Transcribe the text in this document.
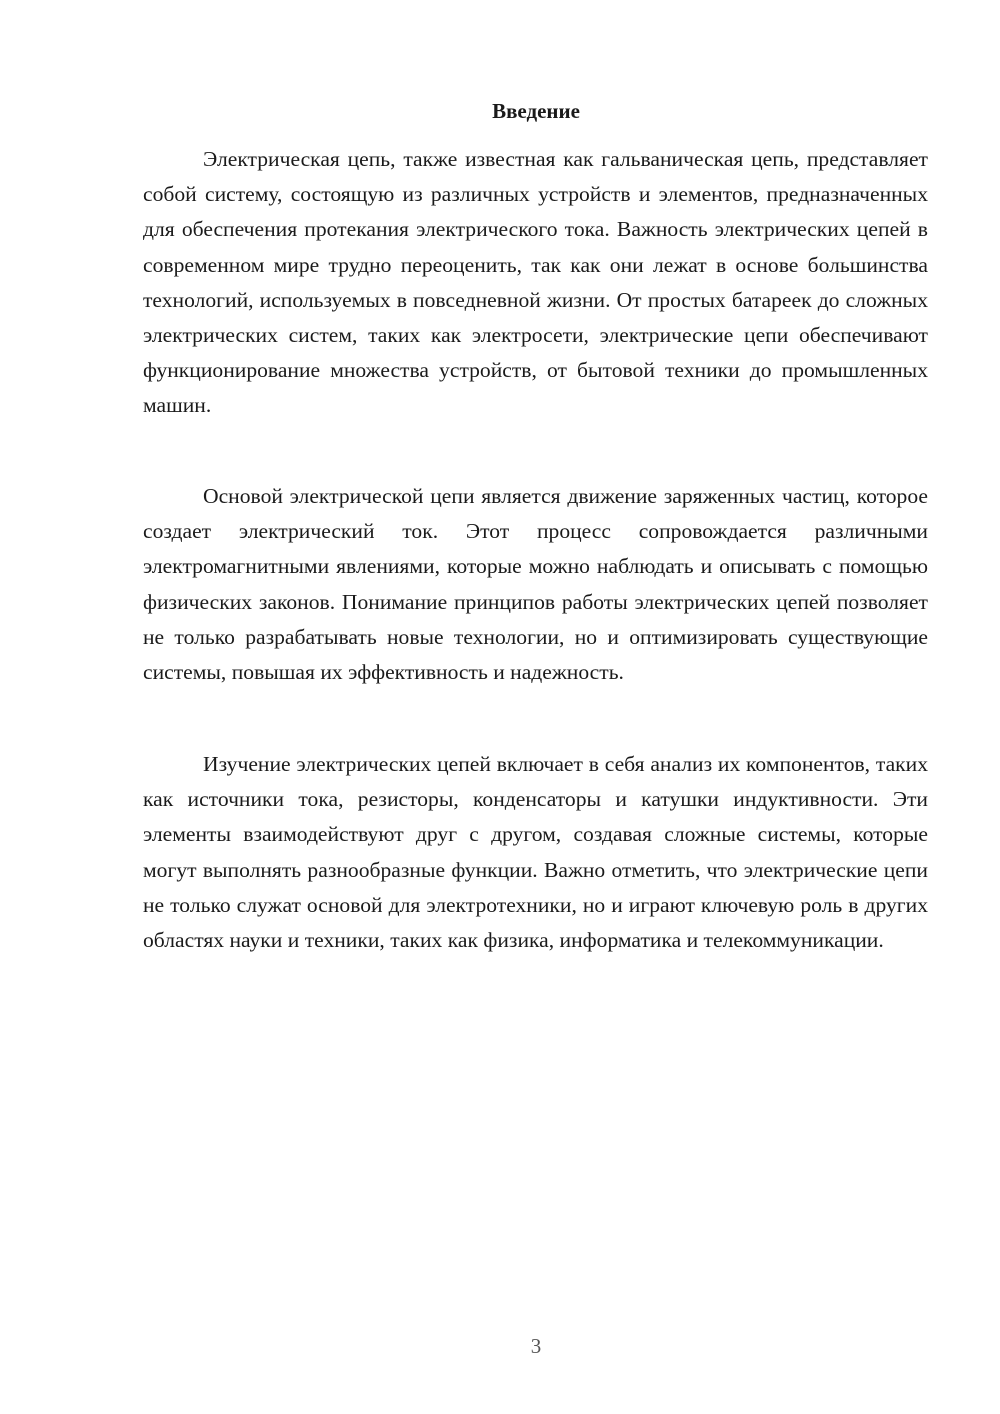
Введение

Электрическая цепь, также известная как гальваническая цепь, представляет собой систему, состоящую из различных устройств и элементов, предназначенных для обеспечения протекания электрического тока. Важность электрических цепей в современном мире трудно переоценить, так как они лежат в основе большинства технологий, используемых в повседневной жизни. От простых батареек до сложных электрических систем, таких как электросети, электрические цепи обеспечивают функционирование множества устройств, от бытовой техники до промышленных машин.

Основой электрической цепи является движение заряженных частиц, которое создает электрический ток. Этот процесс сопровождается различными электромагнитными явлениями, которые можно наблюдать и описывать с помощью физических законов. Понимание принципов работы электрических цепей позволяет не только разрабатывать новые технологии, но и оптимизировать существующие системы, повышая их эффективность и надежность.

Изучение электрических цепей включает в себя анализ их компонентов, таких как источники тока, резисторы, конденсаторы и катушки индуктивности. Эти элементы взаимодействуют друг с другом, создавая сложные системы, которые могут выполнять разнообразные функции. Важно отметить, что электрические цепи не только служат основой для электротехники, но и играют ключевую роль в других областях науки и техники, таких как физика, информатика и телекоммуникации.

3
